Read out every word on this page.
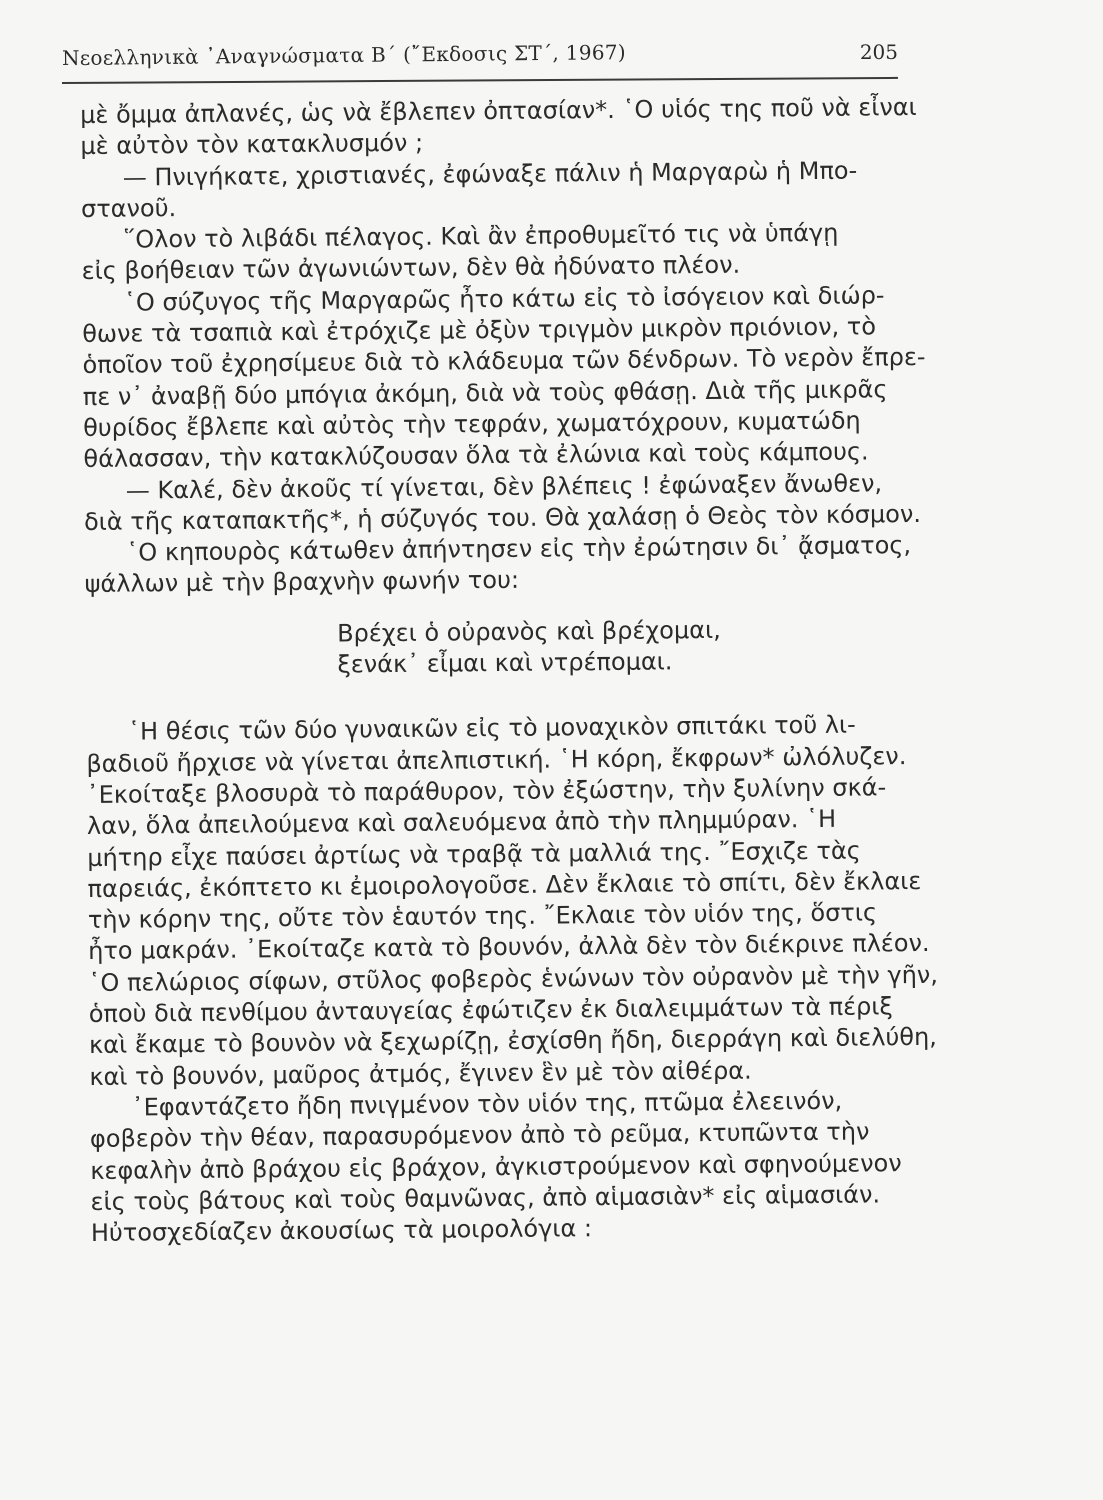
Νεοελληνικὰ ᾿Αναγνώσματα Β΄ (῎Εκδοσις ΣΤ΄, 1967)	205
μὲ ὄμμα ἀπλανές, ὡς νὰ ἔβλεπεν ὀπτασίαν*. ῾Ο υἱός της ποῦ νὰ εἶναι
μὲ αὐτὸν τὸν κατακλυσμόν ;
— Πνιγήκατε, χριστιανές, ἐφώναξε πάλιν ἡ Μαργαρὼ ἡ Μπο-
στανοῦ.
῞Ολον τὸ λιβάδι πέλαγος. Καὶ ἂν ἐπροθυμεῖτό τις νὰ ὑπάγῃ
εἰς βοήθειαν τῶν ἀγωνιώντων, δὲν θὰ ἠδύνατο πλέον.
῾Ο σύζυγος τῆς Μαργαρῶς ἦτο κάτω εἰς τὸ ἰσόγειον καὶ διώρ-
θωνε τὰ τσαπιὰ καὶ ἐτρόχιζε μὲ ὀξὺν τριγμὸν μικρὸν πριόνιον, τὸ
ὁποῖον τοῦ ἐχρησίμευε διὰ τὸ κλάδευμα τῶν δένδρων. Τὸ νερὸν ἔπρε-
πε ν᾿ ἀναβῇ δύο μπόγια ἀκόμη, διὰ νὰ τοὺς φθάσῃ. Διὰ τῆς μικρᾶς
θυρίδος ἔβλεπε καὶ αὐτὸς τὴν τεφράν, χωματόχρουν, κυματώδη
θάλασσαν, τὴν κατακλύζουσαν ὅλα τὰ ἐλώνια καὶ τοὺς κάμπους.
— Καλέ, δὲν ἀκοῦς τί γίνεται, δὲν βλέπεις ! ἐφώναξεν ἄνωθεν,
διὰ τῆς καταπακτῆς*, ἡ σύζυγός του. Θὰ χαλάσῃ ὁ Θεὸς τὸν κόσμον.
῾Ο κηπουρὸς κάτωθεν ἀπήντησεν εἰς τὴν ἐρώτησιν δι᾿ ᾄσματος,
ψάλλων μὲ τὴν βραχνὴν φωνήν του:
Βρέχει ὁ οὐρανὸς καὶ βρέχομαι,
ξενάκ᾿ εἶμαι καὶ ντρέπομαι.
῾Η θέσις τῶν δύο γυναικῶν εἰς τὸ μοναχικὸν σπιτάκι τοῦ λι-
βαδιοῦ ἤρχισε νὰ γίνεται ἀπελπιστική. ῾Η κόρη, ἔκφρων* ὠλόλυζεν.
᾿Εκοίταξε βλοσυρὰ τὸ παράθυρον, τὸν ἐξώστην, τὴν ξυλίνην σκά-
λαν, ὅλα ἀπειλούμενα καὶ σαλευόμενα ἀπὸ τὴν πλημμύραν. ῾Η
μήτηρ εἶχε παύσει ἀρτίως νὰ τραβᾷ τὰ μαλλιά της. ῎Εσχιζε τὰς
παρειάς, ἐκόπτετο κι ἐμοιρολογοῦσε. Δὲν ἔκλαιε τὸ σπίτι, δὲν ἔκλαιε
τὴν κόρην της, οὔτε τὸν ἑαυτόν της. ῎Εκλαιε τὸν υἱόν της, ὅστις
ἦτο μακράν. ᾿Εκοίταζε κατὰ τὸ βουνόν, ἀλλὰ δὲν τὸν διέκρινε πλέον.
῾Ο πελώριος σίφων, στῦλος φοβερὸς ἑνώνων τὸν οὐρανὸν μὲ τὴν γῆν,
ὁποὺ διὰ πενθίμου ἀνταυγείας ἐφώτιζεν ἐκ διαλειμμάτων τὰ πέριξ
καὶ ἔκαμε τὸ βουνὸν νὰ ξεχωρίζῃ, ἐσχίσθη ἤδη, διερράγη καὶ διελύθη,
καὶ τὸ βουνόν, μαῦρος ἀτμός, ἔγινεν ἓν μὲ τὸν αἰθέρα.
᾿Εφαντάζετο ἤδη πνιγμένον τὸν υἱόν της, πτῶμα ἐλεεινόν,
φοβερὸν τὴν θέαν, παρασυρόμενον ἀπὸ τὸ ρεῦμα, κτυπῶντα τὴν
κεφαλὴν ἀπὸ βράχου εἰς βράχον, ἀγκιστρούμενον καὶ σφηνούμενον
εἰς τοὺς βάτους καὶ τοὺς θαμνῶνας, ἀπὸ αἱμασιὰν* εἰς αἱμασιάν.
Ηὐτοσχεδίαζεν ἀκουσίως τὰ μοιρολόγια :
